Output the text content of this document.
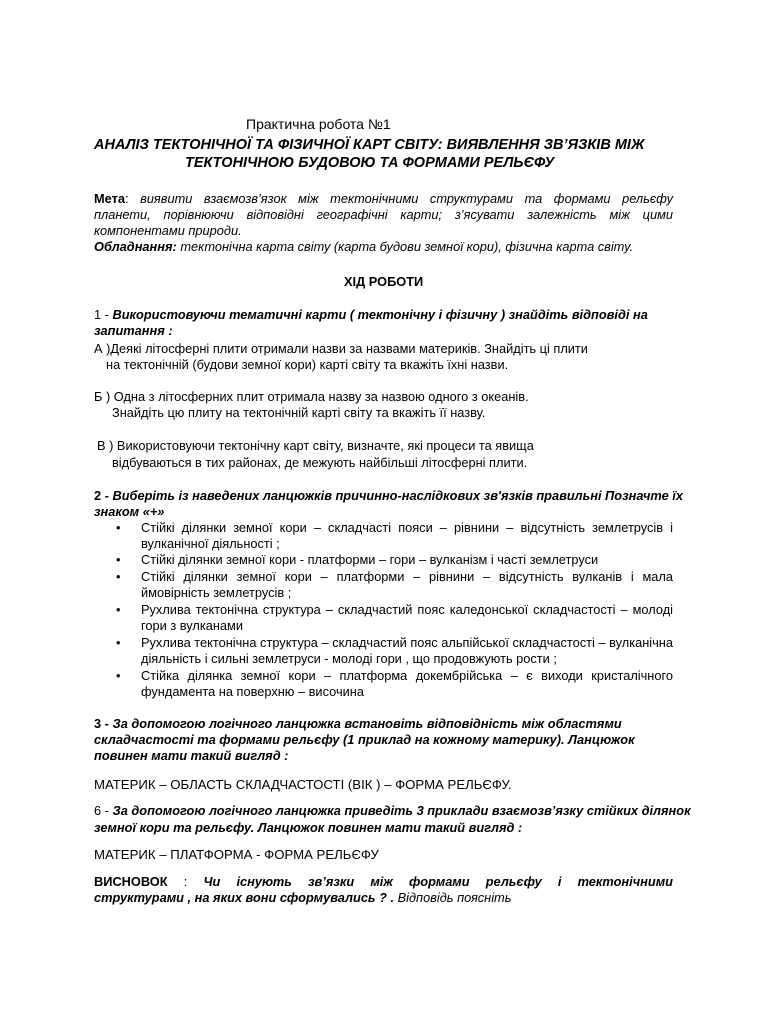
Практична робота №1
АНАЛІЗ ТЕКТОНІЧНОЇ ТА ФІЗИЧНОЇ КАРТ СВІТУ: ВИЯВЛЕННЯ ЗВ’ЯЗКІВ МІЖ
ТЕКТОНІЧНОЮ БУДОВОЮ ТА ФОРМАМИ РЕЛЬЄФУ
Мета: виявити взаємозв’язок між тектонічними структурами та формами рельєфу
планети, порівнюючи відповідні географічні карти; з’ясувати залежність між цими
компонентами природи.
Обладнання: тектонічна карта світу (карта будови земної кори), фізична карта світу.
ХІД РОБОТИ
1 - Використовуючи тематичні карти ( тектонічну і фізичну ) знайдіть відповіді на
запитання :
А )Деякі літосферні плити отримали назви за назвами материків. Знайдіть ці плити
на тектонічній (будови земної кори) карті світу та вкажіть їхні назви.
Б ) Одна з літосферних плит отримала назву за назвою одного з океанів.
Знайдіть цю плиту на тектонічній карті світу та вкажіть її назву.
В ) Використовуючи тектонічну карт світу, визначте, які процеси та явища
відбуваються в тих районах, де межують найбільші літосферні плити.
2 - Виберіть із наведених ланцюжків причинно-наслідкових зв'язків правильні Позначте їх
знаком «+»
• Стійкі ділянки земної кори – складчасті пояси – рівнини – відсутність землетрусів і
вулканічної діяльності ;
• Стійкі ділянки земної кори - платформи – гори – вулканізм і часті землетруси
• Стійкі ділянки земної кори – платформи – рівнини – відсутність вулканів і мала
ймовірність землетрусів ;
• Рухлива тектонічна структура – складчастий пояс каледонської складчастості – молоді
гори з вулканами
• Рухлива тектонічна структура – складчастий пояс альпійської складчастості – вулканічна
діяльність і сильні землетруси - молоді гори , що продовжують рости ;
• Стійка ділянка земної кори – платформа докембрійська – є виходи кристалічного
фундамента на поверхню – височина
3 - За допомогою логічного ланцюжка встановіть відповідність між областями
складчастості та формами рельєфу (1 приклад на кожному материку). Ланцюжок
повинен мати такий вигляд :
МАТЕРИК – ОБЛАСТЬ СКЛАДЧАСТОСТІ (ВІК ) – ФОРМА РЕЛЬЄФУ.
6 - За допомогою логічного ланцюжка приведіть 3 приклади взаємозв’язку стійких ділянок
земної кори та рельєфу. Ланцюжок повинен мати такий вигляд :
МАТЕРИК – ПЛАТФОРМА - ФОРМА РЕЛЬЄФУ
ВИСНОВОК : Чи існують зв’язки між формами рельєфу і тектонічними
структурами , на яких вони сформувались ? . Відповідь поясніть
